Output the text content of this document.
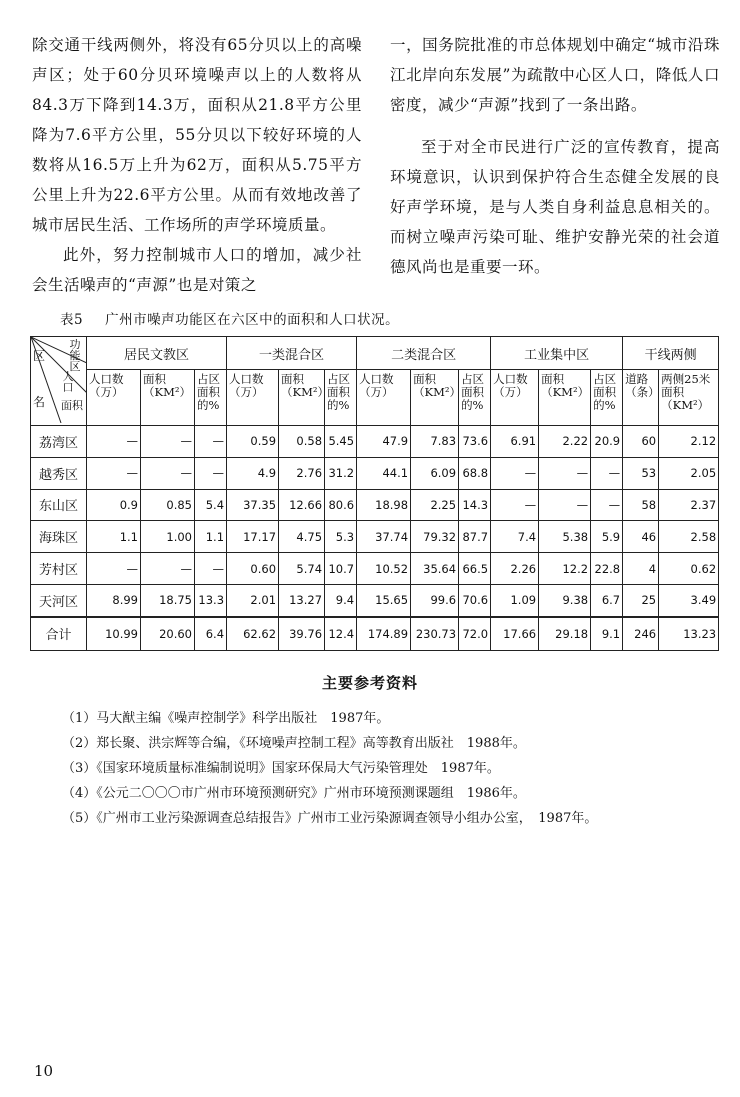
除交通干线两侧外，将没有65分贝以上的高噪声区；处于60分贝环境噪声以上的人数将从84.3万下降到14.3万，面积从21.8平方公里降为7.6平方公里，55分贝以下较好环境的人数将从16.5万上升为62万，面积从5.75平方公里上升为22.6平方公里。从而有效地改善了城市居民生活、工作场所的声学环境质量。

此外，努力控制城市人口的增加，减少社会生活噪声的“声源”也是对策之

一，国务院批准的市总体规划中确定“城市沿珠江北岸向东发展”为疏散中心区人口，降低人口密度，减少“声源”找到了一条出路。

至于对全市民进行广泛的宣传教育，提高环境意识，认识到保护符合生态健全发展的良好声学环境，是与人类自身利益息息相关的。而树立噪声污染可耻、维护安静光荣的社会道德风尚也是重要一环。

表5 广州市噪声功能区在六区中的面积和人口状况。
功能区
区
人口
名 面积	居民文教区			一类混合区			二类混合区			工业集中区			干线两侧	
	人口数（万）	面积（KM²）	占区面积的%	人口数（万）	面积（KM²）	占区面积的%	人口数（万）	面积（KM²）	占区面积的%	人口数（万）	面积（KM²）	占区面积的%	道路（条）	两侧25米面积（KM²）
荔湾区	—	—	—	0.59	0.58	5.45	47.9	7.83	73.6	6.91	2.22	20.9	60	2.12
越秀区	—	—	—	4.9	2.76	31.2	44.1	6.09	68.8	—	—	—	53	2.05
东山区	0.9	0.85	5.4	37.35	12.66	80.6	18.98	2.25	14.3	—	—	—	58	2.37
海珠区	1.1	1.00	1.1	17.17	4.75	5.3	37.74	79.32	87.7	7.4	5.38	5.9	46	2.58
芳村区	—	—	—	0.60	5.74	10.7	10.52	35.64	66.5	2.26	12.2	22.8	4	0.62
天河区	8.99	18.75	13.3	2.01	13.27	9.4	15.65	99.6	70.6	1.09	9.38	6.7	25	3.49
合计	10.99	20.60	6.4	62.62	39.76	12.4	174.89	230.73	72.0	17.66	29.18	9.1	246	13.23
主要参考资料
（1）马大猷主编《噪声控制学》科学出版社　1987年。
（2）郑长聚、洪宗辉等合编，《环境噪声控制工程》高等教育出版社　1988年。
（3）《国家环境质量标准编制说明》国家环保局大气污染管理处　1987年。
（4）《公元二〇〇〇市广州市环境预测研究》广州市环境预测课题组　1986年。
（5）《广州市工业污染源调查总结报告》广州市工业污染源调查领导小组办公室，　1987年。
10
